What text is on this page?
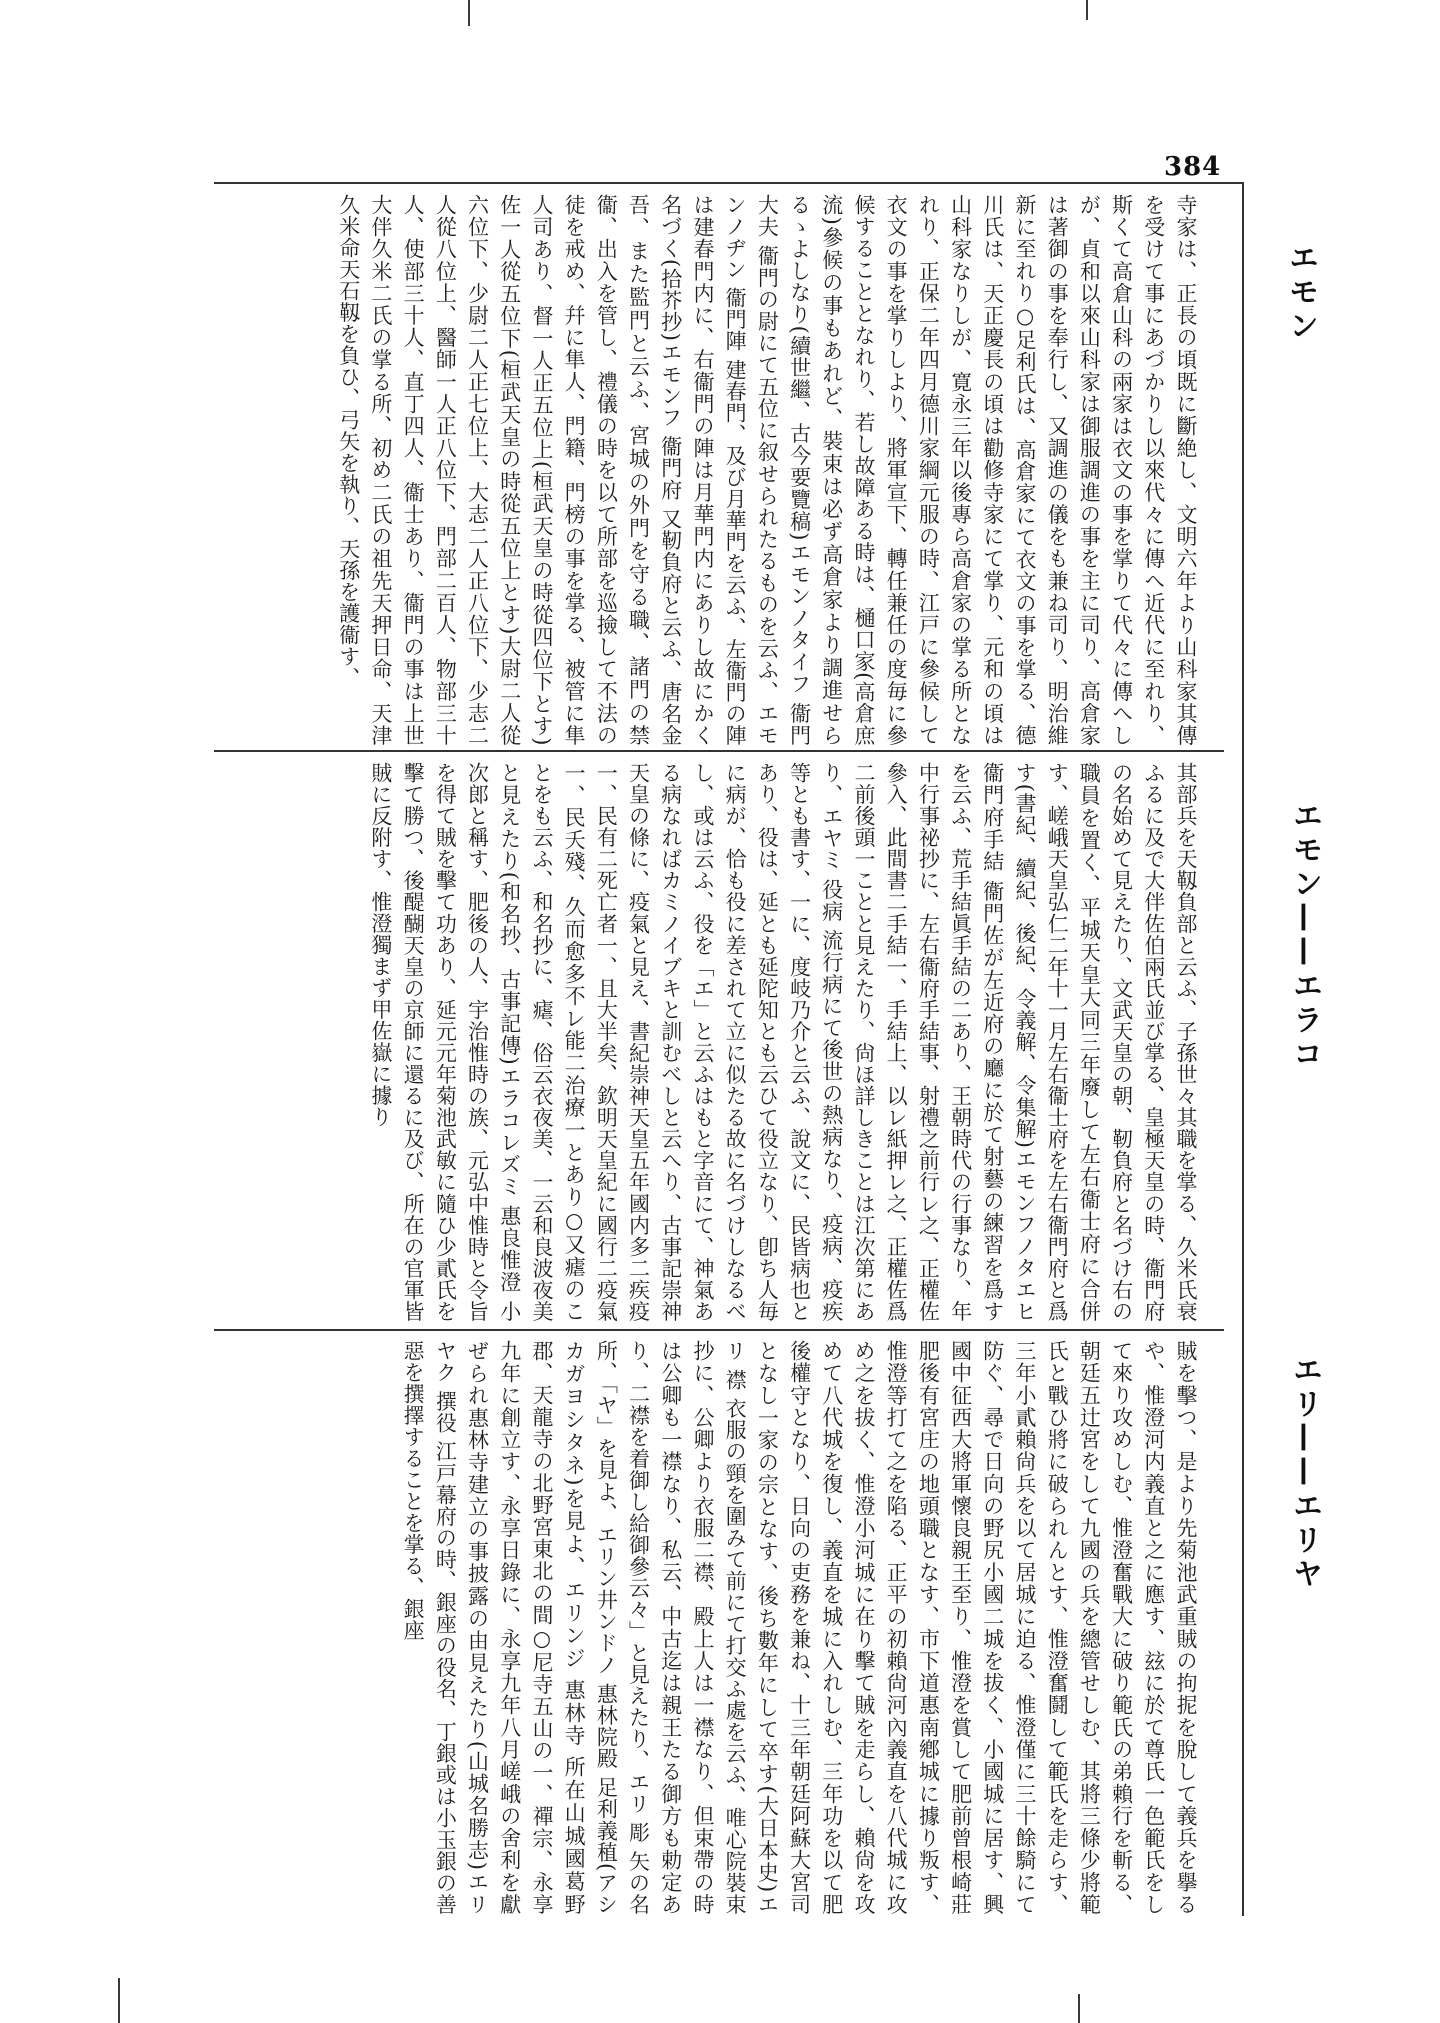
384
寺家は、正長の頃既に斷絶し、文明六年より山科家其傳を受けて事にあづかりし以來代々に傳へ近代に至れり、斯くて高倉山科の兩家は衣文の事を掌りて代々に傳へしが、貞和以來山科家は御服調進の事を主に司り、高倉家は著御の事を奉行し、又調進の儀をも兼ね司り、明治維新に至れり○足利氏は、高倉家にて衣文の事を掌る、德川氏は、天正慶長の頃は勸修寺家にて掌り、元和の頃は山科家なりしが、寛永三年以後專ら高倉家の掌る所となれり、正保二年四月德川家綱元服の時、江戸に參候して衣文の事を掌りしより、將軍宣下、轉任兼任の度毎に參候することとなれり、若し故障ある時は、樋口家(高倉庶流)參候の事もあれど、裝束は必ず高倉家より調進せらるゝよしなり(續世繼、古今要覽稿)エモンノタイフ 衞門大夫 衞門の尉にて五位に叙せられたるものを云ふ、エモンノヂン 衞門陣 建春門、及び月華門を云ふ、左衞門の陣は建春門内に、右衞門の陣は月華門内にありし故にかく名づく(拾芥抄)エモンフ 衞門府 又靭負府と云ふ、唐名金吾、また監門と云ふ、宮城の外門を守る職、諸門の禁衞、出入を管し、禮儀の時を以て所部を巡撿して不法の徒を戒め、幷に隼人、門籍、門榜の事を掌る、被管に隼人司あり、督一人正五位上(桓武天皇の時從四位下とす)佐一人從五位下(桓武天皇の時從五位上とす)大尉二人從六位下、少尉二人正七位上、大志二人正八位下、少志二人從八位上、醫師一人正八位下、門部二百人、物部三十人、使部三十人、直丁四人、衞士あり、衞門の事は上世大伴久米二氏の掌る所、初め二氏の祖先天押日命、天津久米命天石靱を負ひ、弓矢を執り、天孫を護衞す、
其部兵を天靱負部と云ふ、子孫世々其職を掌る、久米氏衰ふるに及で大伴佐伯兩氏並び掌る、皇極天皇の時、衞門府の名始めて見えたり、文武天皇の朝、靭負府と名づけ右の職員を置く、平城天皇大同三年廢して左右衞士府に合併す、嵯峨天皇弘仁二年十一月左右衞士府を左右衞門府と爲す(書紀、續紀、後紀、令義解、令集解)エモンフノタエヒ 衞門府手結 衞門佐が左近府の廳に於て射藝の練習を爲すを云ふ、荒手結眞手結の二あり、王朝時代の行事なり、年中行事祕抄に、左右衞府手結事、射禮之前行レ之、正權佐參入、此間書二手結一、手結上、以レ紙押レ之、正權佐爲二前後頭一ことと見えたり、尙ほ詳しきことは江次第にあり、エヤミ 役病 流行病にて後世の熱病なり、疫病、疫疾等とも書す、一に、度岐乃介と云ふ、說文に、民皆病也とあり、役は、延とも延陀知とも云ひて役立なり、卽ち人毎に病が、恰も役に差されて立に似たる故に名づけしなるべし、或は云ふ、役を「エ」と云ふはもと字音にて、神氣ある病なればカミノイブキと訓むべしと云へり、古事記崇神天皇の條に、疫氣と見え、書紀崇神天皇五年國内多二疾疫一、民有二死亡者一、且大半矣、欽明天皇紀に國行二疫氣一、民夭殘、久而愈多不レ能二治療一とあり○又瘧のことをも云ふ、和名抄に、瘧、俗云衣夜美、一云和良波夜美と見えたり(和名抄、古事記傳)エラコレズミ 惠良惟澄 小次郎と稱す、肥後の人、宇治惟時の族、元弘中惟時と令旨を得て賊を擊て功あり、延元元年菊池武敏に隨ひ少貳氏を擊て勝つ、後醍醐天皇の京師に還るに及び、所在の官軍皆賊に反附す、惟澄獨まず甲佐嶽に據り
賊を擊つ、是より先菊池武重賊の拘抳を脫して義兵を擧るや、惟澄河内義直と之に應す、玆に於て尊氏一色範氏をして來り攻めしむ、惟澄奮戰大に破り範氏の弟賴行を斬る、朝廷五辻宮をして九國の兵を總管せしむ、其將三條少將範氏と戰ひ將に破られんとす、惟澄奮鬪して範氏を走らす、三年小貳賴尙兵を以て居城に迫る、惟澄僅に三十餘騎にて防ぐ、尋で日向の野尻小國二城を拔く、小國城に居す、興國中征西大將軍懷良親王至り、惟澄を賞して肥前曾根崎莊肥後有宮庄の地頭職となす、市下道惠南鄕城に據り叛す、惟澄等打て之を陷る、正平の初賴尙河內義直を八代城に攻め之を拔く、惟澄小河城に在り擊て賊を走らし、賴尙を攻めて八代城を復し、義直を城に入れしむ、三年功を以て肥後權守となり、日向の吏務を兼ね、十三年朝廷阿蘇大宮司となし一家の宗となす、後ち數年にして卒す(大日本史)エリ 襟 衣服の頸を圍みて前にて打交ふ處を云ふ、唯心院裝束抄に、公卿より衣服二襟、殿上人は一襟なり、但束帶の時は公卿も一襟なり、私云、中古迄は親王たる御方も勅定あり、二襟を着御し給御參云々」と見えたり、エリ 彫 矢の名所、「ヤ」を見よ、エリン井ンドノ 惠林院殿 足利義稙(アシカガヨシタネ)を見よ、エリンジ 惠林寺 所在山城國葛野郡、天龍寺の北野宮東北の間○尼寺五山の一、禪宗、永享九年に創立す、永享日錄に、永享九年八月嵯峨の舍利を獻ぜられ惠林寺建立の事披露の由見えたり(山城名勝志)エリヤク 撰役 江戸幕府の時、銀座の役名、丁銀或は小玉銀の善惡を撰擇することを掌る、銀座
エモン
エモン——エラコ
エリ——エリヤ
